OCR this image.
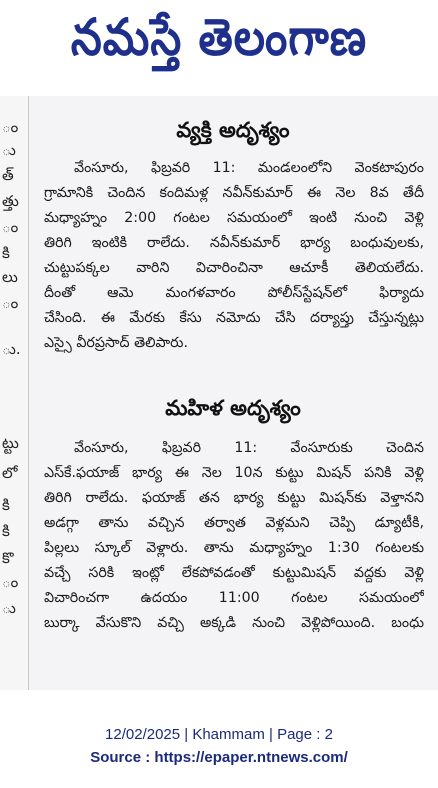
నమస్తే తెలంగాణ
ం
ు
త్
త్తు
ం
కి
లు
ం
ు.
ట్టు
లో
కి
కి
కొ
ం
ు
వ్యక్తి అదృశ్యం
వేంసూరు, ఫిబ్రవరి 11: మండలంలోని వెంకటాపురం
గ్రామానికి చెందిన కందిమళ్ల నవీన్‌కుమార్ ఈ నెల 8వ తేదీ
మధ్యాహ్నం 2:00 గంటల సమయంలో ఇంటి నుంచి వెళ్లి
తిరిగి ఇంటికి రాలేదు. నవీన్‌కుమార్ భార్య బంధువులకు,
చుట్టుపక్కల వారిని విచారించినా ఆచూకీ తెలియలేదు.
దీంతో ఆమె మంగళవారం పోలీస్‌స్టేషన్‌లో ఫిర్యాదు
చేసింది. ఈ మేరకు కేసు నమోదు చేసి దర్యాప్తు చేస్తున్నట్లు
ఎస్సై వీరప్రసాద్ తెలిపారు.
మహిళ అదృశ్యం
వేంసూరు, ఫిబ్రవరి 11: వేంసూరుకు చెందిన
ఎస్‌కే.ఫయాజ్ భార్య ఈ నెల 10న కుట్టు మిషన్ పనికి వెళ్లి
తిరిగి రాలేదు. ఫయాజ్ తన భార్య కుట్టు మిషన్‌కు వెళ్తానని
అడగ్గా తాను వచ్చిన తర్వాత వెళ్లమని చెప్పి డ్యూటీకి,
పిల్లలు స్కూల్ వెళ్లారు. తాను మధ్యాహ్నం 1:30 గంటలకు
వచ్చే సరికి ఇంట్లో లేకపోవడంతో కుట్టుమిషన్ వద్దకు వెళ్లి
విచారించగా ఉదయం 11:00 గంటల సమయంలో
బుర్కా వేసుకొని వచ్చి అక్కడి నుంచి వెళ్లిపోయింది. బంధు
12/02/2025 | Khammam | Page : 2
Source : https://epaper.ntnews.com/
